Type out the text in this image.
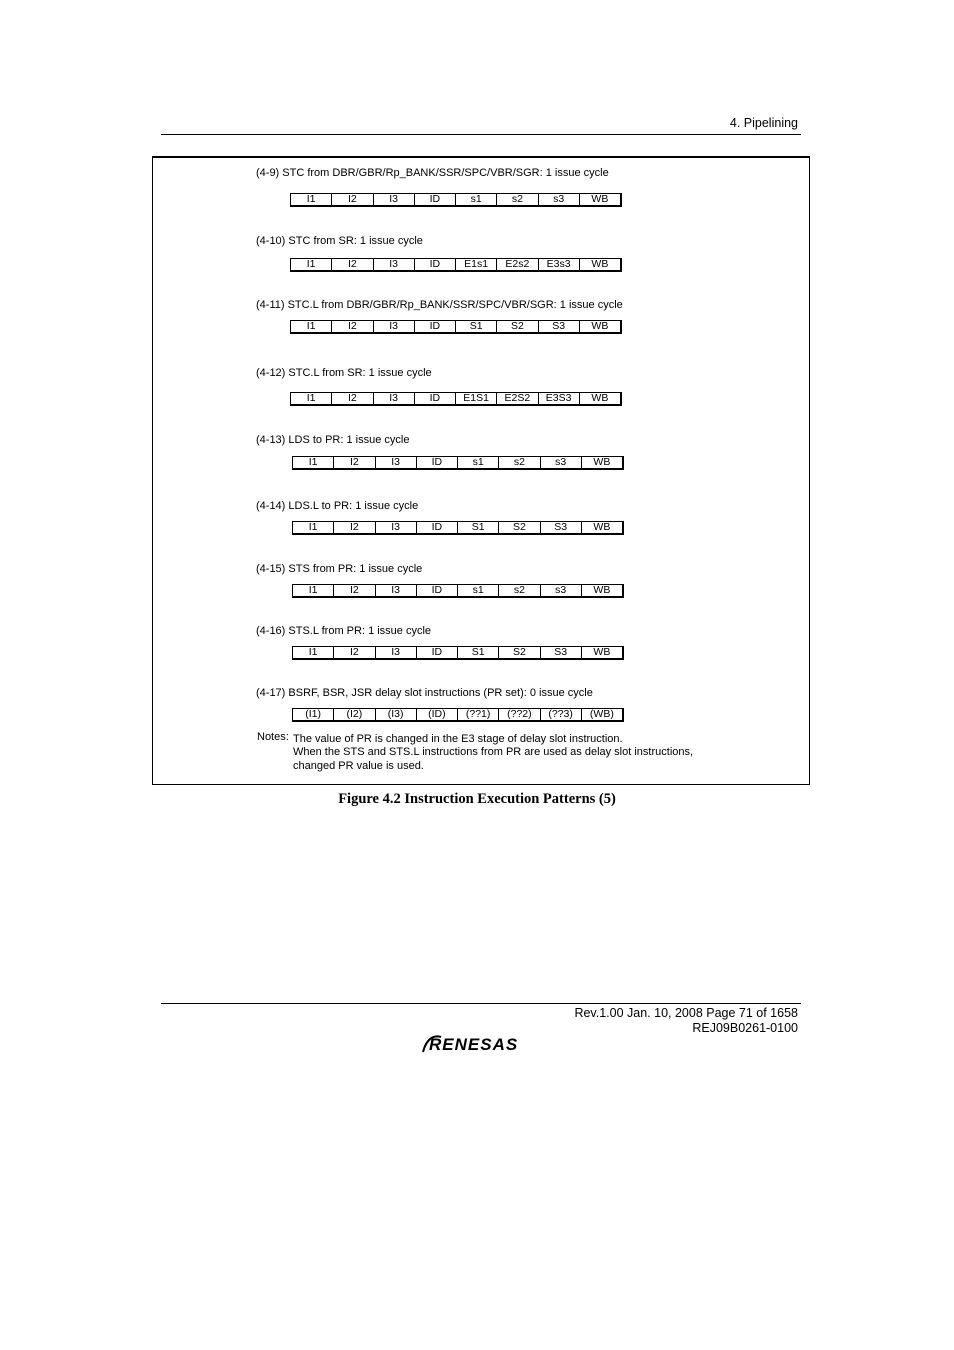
4. Pipelining
(4-9) STC from DBR/GBR/Rp_BANK/SSR/SPC/VBR/SGR: 1 issue cycle
I1	I2	I3	ID	s1	s2	s3	WB
(4-10) STC from SR: 1 issue cycle
I1	I2	I3	ID	E1s1	E2s2	E3s3	WB
(4-11) STC.L from DBR/GBR/Rp_BANK/SSR/SPC/VBR/SGR: 1 issue cycle
I1	I2	I3	ID	S1	S2	S3	WB
(4-12) STC.L from SR: 1 issue cycle
I1	I2	I3	ID	E1S1	E2S2	E3S3	WB
(4-13) LDS to PR: 1 issue cycle
I1	I2	I3	ID	s1	s2	s3	WB
(4-14) LDS.L to PR: 1 issue cycle
I1	I2	I3	ID	S1	S2	S3	WB
(4-15) STS from PR: 1 issue cycle
I1	I2	I3	ID	s1	s2	s3	WB
(4-16) STS.L from PR: 1 issue cycle
I1	I2	I3	ID	S1	S2	S3	WB
(4-17) BSRF, BSR, JSR delay slot instructions (PR set): 0 issue cycle
(I1)	(I2)	(I3)	(ID)	(??1)	(??2)	(??3)	(WB)
Notes: The value of PR is changed in the E3 stage of delay slot instruction.
When the STS and STS.L instructions from PR are used as delay slot instructions,
changed PR value is used.
Figure 4.2 Instruction Execution Patterns (5)
Rev.1.00 Jan. 10, 2008 Page 71 of 1658
REJ09B0261-0100
RENESAS
